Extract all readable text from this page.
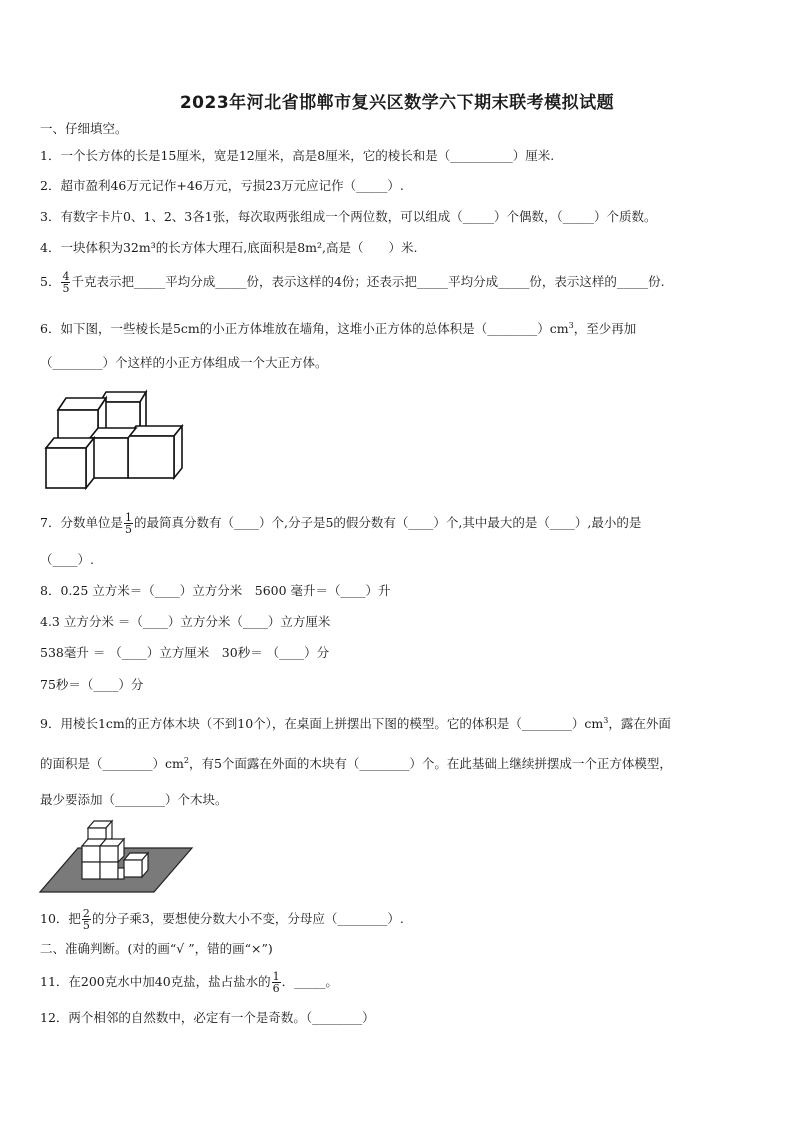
2023年河北省邯郸市复兴区数学六下期末联考模拟试题
一、仔细填空。
1．一个长方体的长是15厘米，宽是12厘米，高是8厘米，它的棱长和是（__________）厘米.
2．超市盈利46万元记作+46万元，亏损23万元应记作（_____）.
3．有数字卡片0、1、2、3各1张，每次取两张组成一个两位数，可以组成（_____）个偶数，（_____）个质数。
4．一块体积为32m³的长方体大理石,底面积是8m²,高是（　　）米.
5． $\frac{4}{5}$ 千克表示把_____平均分成_____份，表示这样的4份；还表示把_____平均分成_____份，表示这样的_____份.
6．如下图，一些棱长是5cm的小正方体堆放在墙角，这堆小正方体的总体积是$(\_\_\_\_\_\_\_\_)cm^3$，至少再加
（________）个这样的小正方体组成一个大正方体。
7．分数单位是 $\frac{1}{5}$ 的最简真分数有（____）个,分子是5的假分数有（____）个,其中最大的是（____）,最小的是
（____）.
8．0.25 立方米＝（____）立方分米　5600 毫升＝（____）升
4.3 立方分米 ＝（____）立方分米（____）立方厘米
538毫升 ＝ （____）立方厘米　30秒＝ （____）分
75秒＝（____）分
9．用棱长1cm的正方体木块（不到10个），在桌面上拼摆出下图的模型。它的体积是$(\_\_\_\_\_\_\_\_)cm^3$，露在外面
的面积是$(\_\_\_\_\_\_\_\_)cm^2$，有5个面露在外面的木块有（________）个。在此基础上继续拼摆成一个正方体模型，
最少要添加（________）个木块。
10．把 $\frac{2}{5}$ 的分子乘3，要想使分数大小不变，分母应（________）.
二、准确判断。(对的画“√ ”，错的画“×”)
11．在200克水中加40克盐，盐占盐水的 $\frac{1}{6}$ ．_____。
12．两个相邻的自然数中，必定有一个是奇数。（________）
